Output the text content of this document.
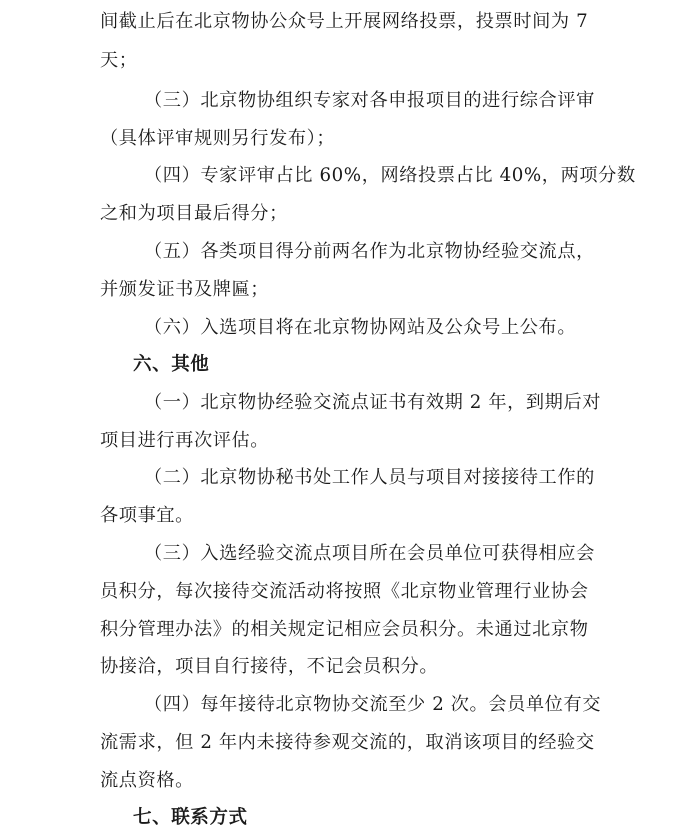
间截止后在北京物协公众号上开展网络投票，投票时间为 7
天；
（三）北京物协组织专家对各申报项目的进行综合评审
（具体评审规则另行发布）；
（四）专家评审占比 60%，网络投票占比 40%，两项分数
之和为项目最后得分；
（五）各类项目得分前两名作为北京物协经验交流点，
并颁发证书及牌匾；
（六）入选项目将在北京物协网站及公众号上公布。
六、其他
（一）北京物协经验交流点证书有效期 2 年，到期后对
项目进行再次评估。
（二）北京物协秘书处工作人员与项目对接接待工作的
各项事宜。
（三）入选经验交流点项目所在会员单位可获得相应会
员积分，每次接待交流活动将按照《北京物业管理行业协会
积分管理办法》的相关规定记相应会员积分。未通过北京物
协接洽，项目自行接待，不记会员积分。
（四）每年接待北京物协交流至少 2 次。会员单位有交
流需求，但 2 年内未接待参观交流的，取消该项目的经验交
流点资格。
七、联系方式
